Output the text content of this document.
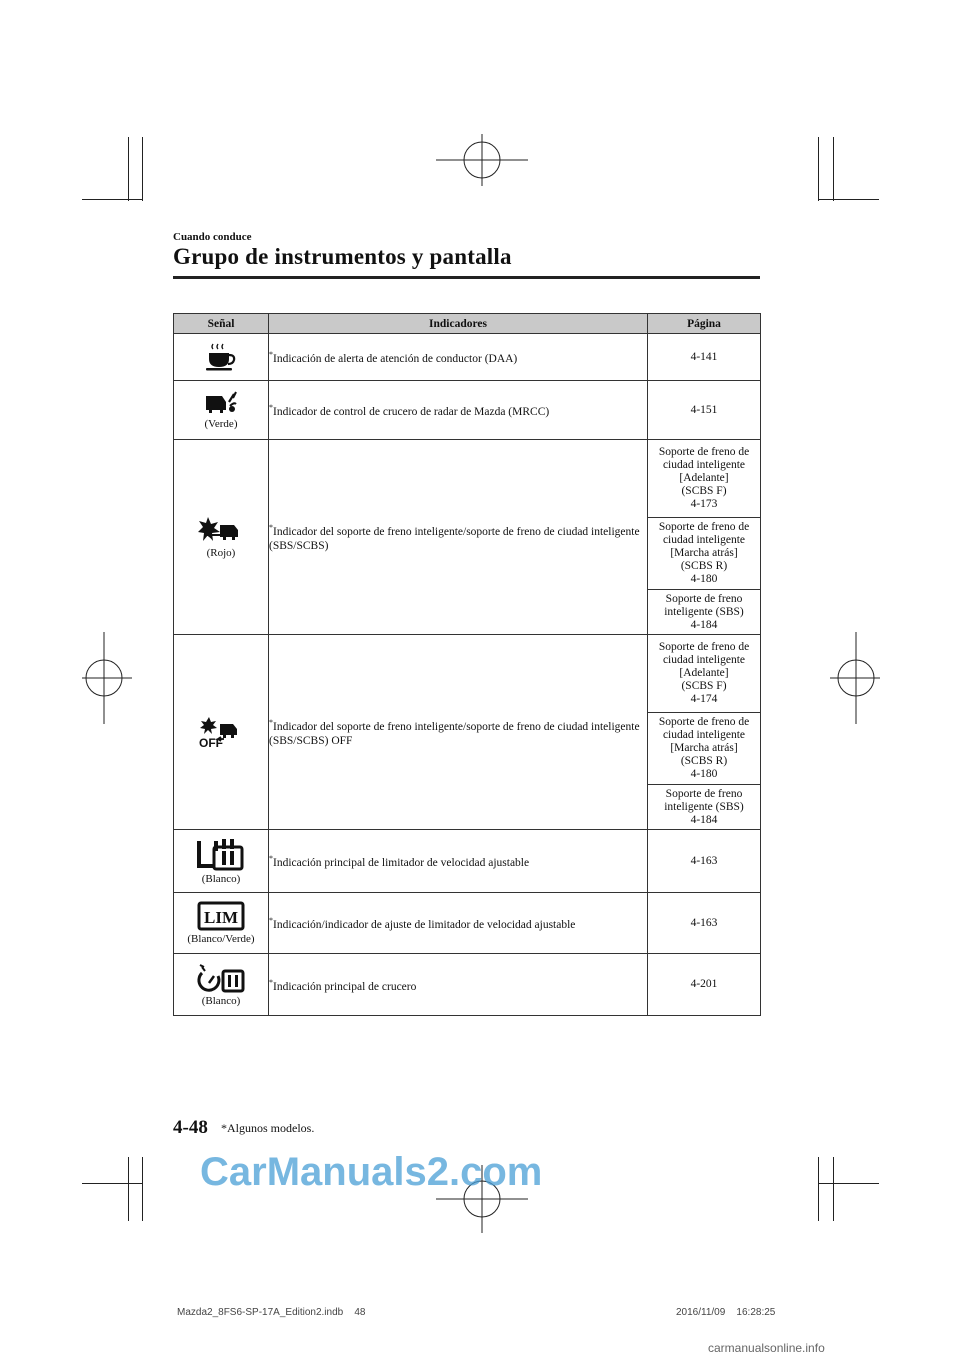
Cuando conduce
Grupo de instrumentos y pantalla
Señal	Indicadores	Página

	*Indicación de alerta de atención de conductor (DAA)	4-141

(Verde)	*Indicador de control de crucero de radar de Mazda (MRCC)	4-151

(Rojo)	*Indicador del soporte de freno inteligente/soporte de freno de ciudad inteligente (SBS/SCBS)	Soporte de freno de
ciudad inteligente
[Adelante]
(SCBS F)
4-173

		Soporte de freno de
ciudad inteligente
[Marcha atrás]
(SCBS R)
4-180

		Soporte de freno
inteligente (SBS)
4-184

OFF	*Indicador del soporte de freno inteligente/soporte de freno de ciudad inteligente (SBS/SCBS) OFF	Soporte de freno de
ciudad inteligente
[Adelante]
(SCBS F)
4-174

		Soporte de freno de
ciudad inteligente
[Marcha atrás]
(SCBS R)
4-180

		Soporte de freno
inteligente (SBS)
4-184

(Blanco)	*Indicación principal de limitador de velocidad ajustable	4-163

LIM
(Blanco/Verde)	*Indicación/indicador de ajuste de limitador de velocidad ajustable	4-163

(Blanco)	*Indicación principal de crucero	4-201
4-48 *Algunos modelos.
CarManuals2.com
Mazda2_8FS6-SP-17A_Edition2.indb    48	2016/11/09    16:28:25
carmanualsonline.info
